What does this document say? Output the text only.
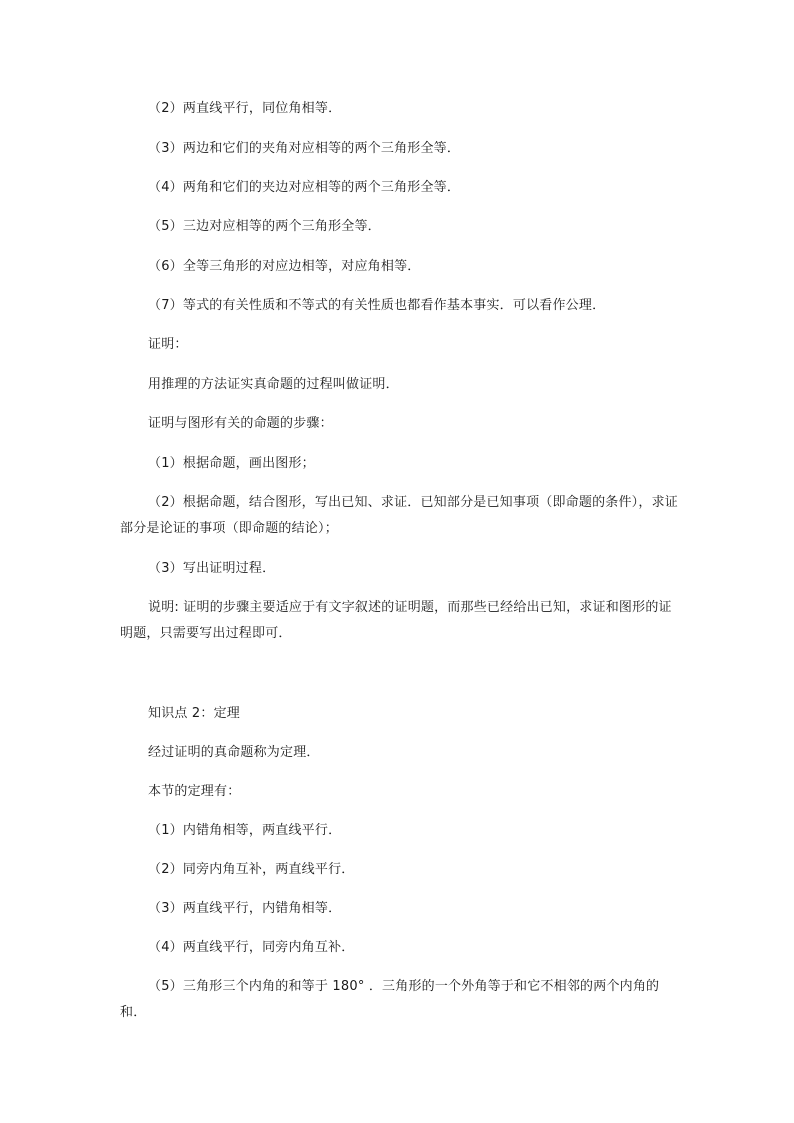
（2）两直线平行，同位角相等．

（3）两边和它们的夹角对应相等的两个三角形全等．

（4）两角和它们的夹边对应相等的两个三角形全等．

（5）三边对应相等的两个三角形全等．

（6）全等三角形的对应边相等，对应角相等．

（7）等式的有关性质和不等式的有关性质也都看作基本事实．可以看作公理．

证明：

用推理的方法证实真命题的过程叫做证明．

证明与图形有关的命题的步骤：

（1）根据命题，画出图形；

（2）根据命题，结合图形，写出已知、求证．已知部分是已知事项（即命题的条件），求证部分是论证的事项（即命题的结论）；

（3）写出证明过程．

说明: 证明的步骤主要适应于有文字叙述的证明题，而那些已经给出已知，求证和图形的证明题，只需要写出过程即可．

知识点 2：定理

经过证明的真命题称为定理．

本节的定理有：

（1）内错角相等，两直线平行．

（2）同旁内角互补，两直线平行．

（3）两直线平行，内错角相等．

（4）两直线平行，同旁内角互补．

（5）三角形三个内角的和等于 180° ．三角形的一个外角等于和它不相邻的两个内角的和．
